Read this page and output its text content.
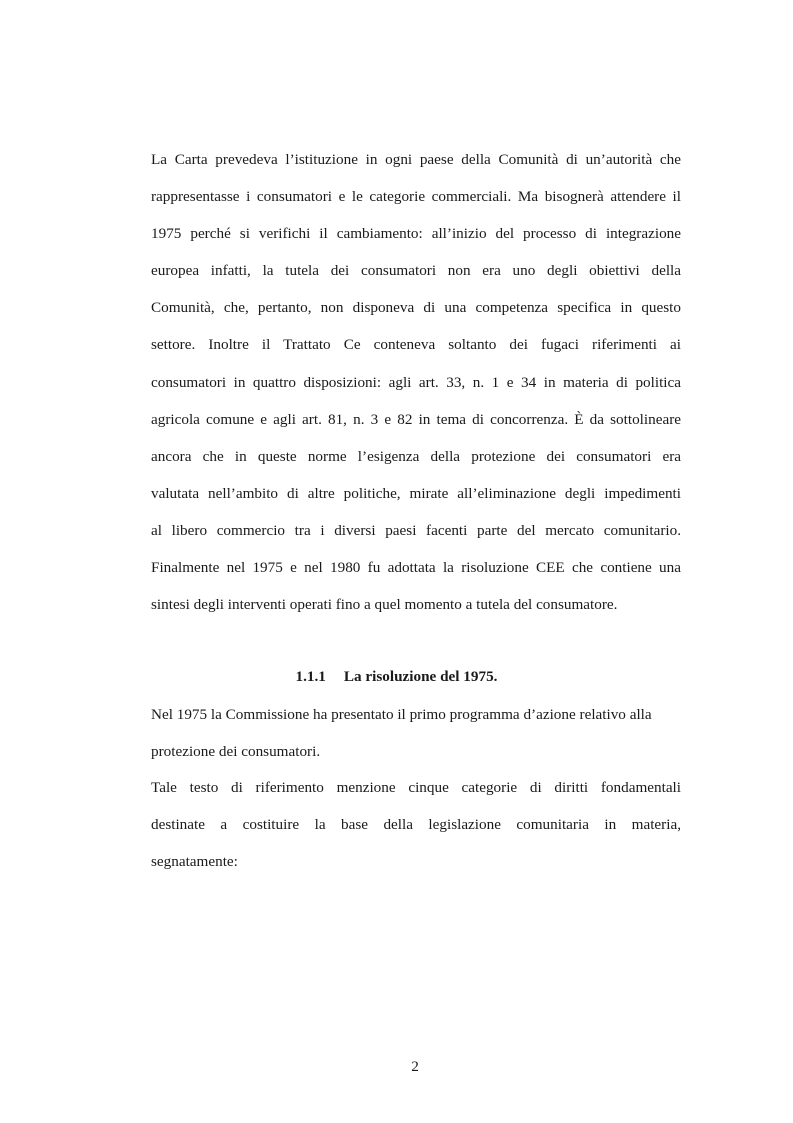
La Carta prevedeva l’istituzione in ogni paese della Comunità di un’autorità che
rappresentasse i consumatori e le categorie commerciali. Ma bisognerà attendere il
1975 perché si verifichi il cambiamento: all’inizio del processo di integrazione
europea infatti, la tutela dei consumatori non era uno degli obiettivi della
Comunità, che, pertanto, non disponeva di una competenza specifica in questo
settore. Inoltre il Trattato Ce conteneva soltanto dei fugaci riferimenti ai
consumatori in quattro disposizioni: agli art. 33, n. 1 e 34 in materia di politica
agricola comune e agli art. 81, n. 3 e 82 in tema di concorrenza. È da sottolineare
ancora che in queste norme l’esigenza della protezione dei consumatori era
valutata nell’ambito di altre politiche, mirate all’eliminazione degli impedimenti
al libero commercio tra i diversi paesi facenti parte del mercato comunitario.
Finalmente nel 1975 e nel 1980 fu adottata la risoluzione CEE che contiene una
sintesi degli interventi operati fino a quel momento a tutela del consumatore.
1.1.1 La risoluzione del 1975.
Nel 1975 la Commissione ha presentato il primo programma d’azione relativo alla
protezione dei consumatori.
Tale testo di riferimento menzione cinque categorie di diritti fondamentali
destinate a costituire la base della legislazione comunitaria in materia,
segnatamente:
2
